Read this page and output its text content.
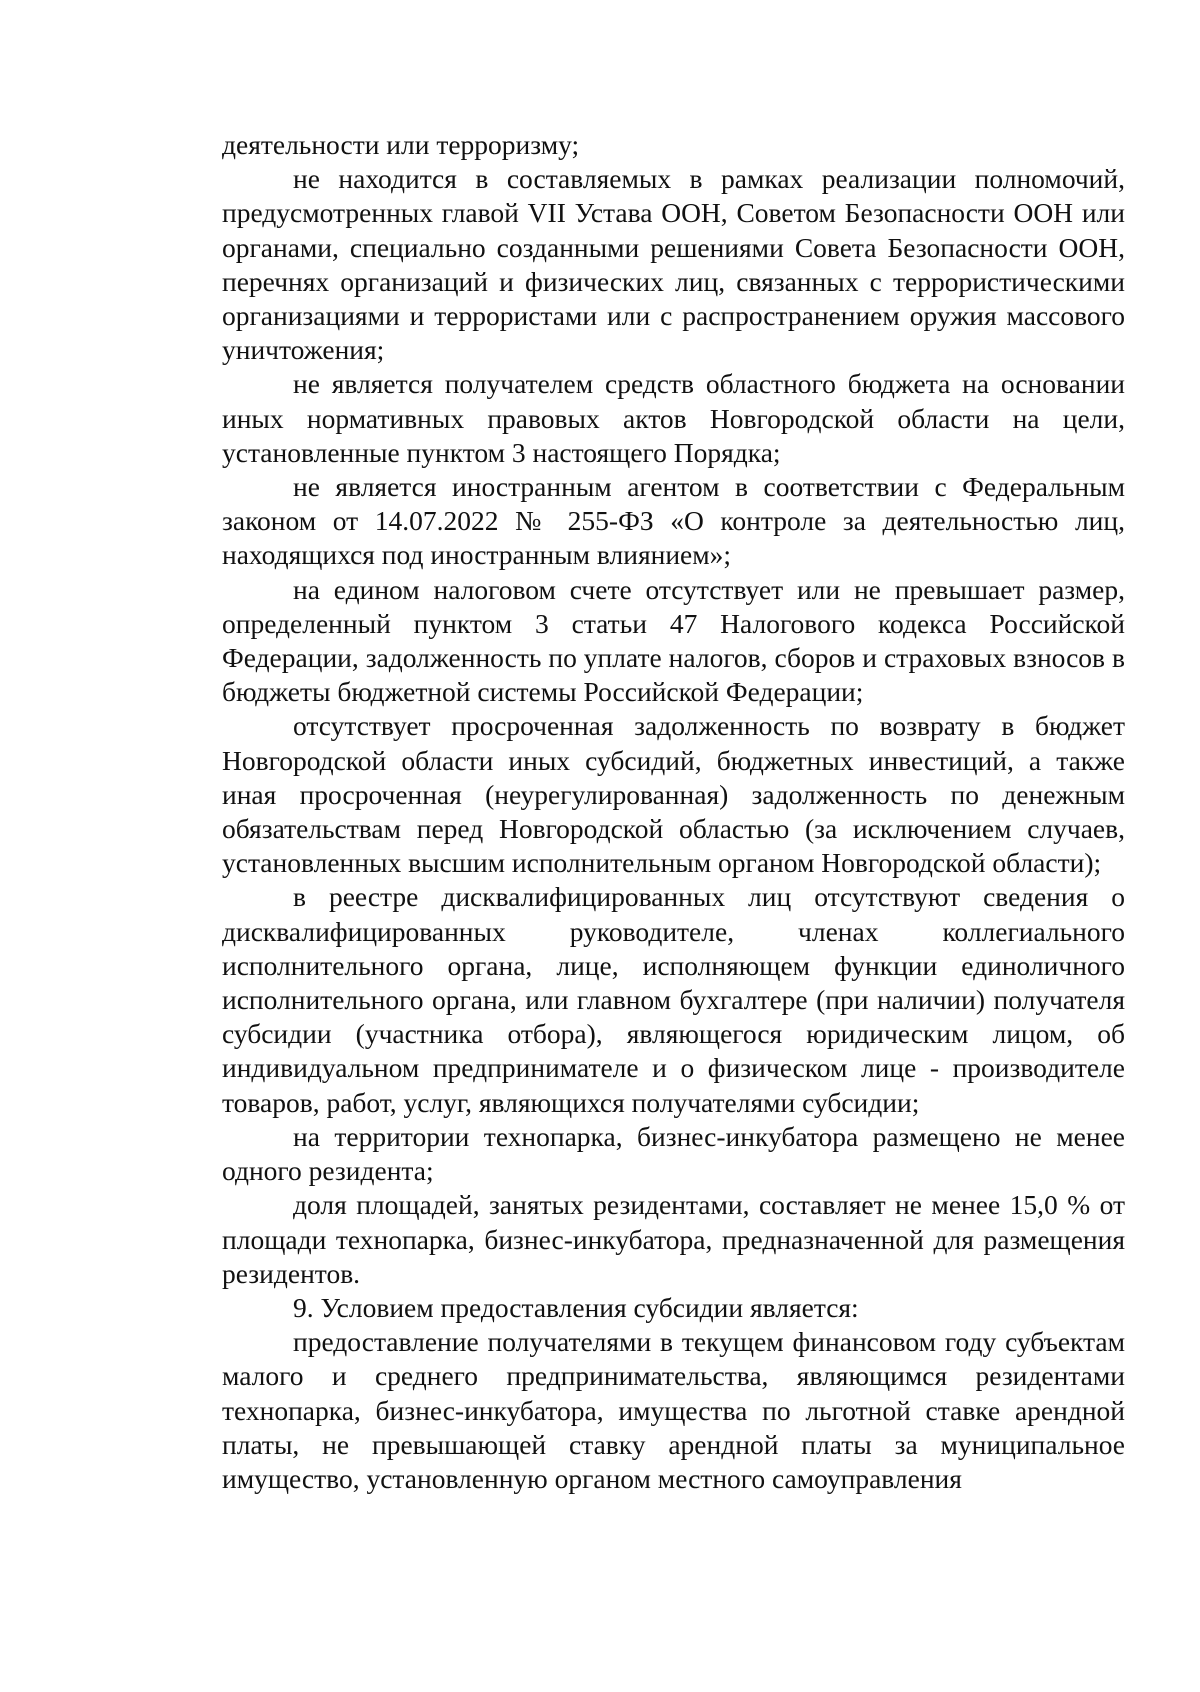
деятельности или терроризму;

не находится в составляемых в рамках реализации полномочий, предусмотренных главой VII Устава ООН, Советом Безопасности ООН или органами, специально созданными решениями Совета Безопасности ООН, перечнях организаций и физических лиц, связанных с террористическими организациями и террористами или с распространением оружия массового уничтожения;

не является получателем средств областного бюджета на основании иных нормативных правовых актов Новгородской области на цели, установленные пунктом 3 настоящего Порядка;

не является иностранным агентом в соответствии с Федеральным законом от 14.07.2022 № 255-ФЗ «О контроле за деятельностью лиц, находящихся под иностранным влиянием»;

на едином налоговом счете отсутствует или не превышает размер, определенный пунктом 3 статьи 47 Налогового кодекса Российской Федерации, задолженность по уплате налогов, сборов и страховых взносов в бюджеты бюджетной системы Российской Федерации;

отсутствует просроченная задолженность по возврату в бюджет Новгородской области иных субсидий, бюджетных инвестиций, а также иная просроченная (неурегулированная) задолженность по денежным обязательствам перед Новгородской областью (за исключением случаев, установленных высшим исполнительным органом Новгородской области);

в реестре дисквалифицированных лиц отсутствуют сведения о дисквалифицированных руководителе, членах коллегиального исполнительного органа, лице, исполняющем функции единоличного исполнительного органа, или главном бухгалтере (при наличии) получателя субсидии (участника отбора), являющегося юридическим лицом, об индивидуальном предпринимателе и о физическом лице - производителе товаров, работ, услуг, являющихся получателями субсидии;

на территории технопарка, бизнес-инкубатора размещено не менее одного резидента;

доля площадей, занятых резидентами, составляет не менее 15,0 % от площади технопарка, бизнес-инкубатора, предназначенной для размещения резидентов.

9. Условием предоставления субсидии является:

предоставление получателями в текущем финансовом году субъектам малого и среднего предпринимательства, являющимся резидентами технопарка, бизнес-инкубатора, имущества по льготной ставке арендной платы, не превышающей ставку арендной платы за муниципальное имущество, установленную органом местного самоуправления
